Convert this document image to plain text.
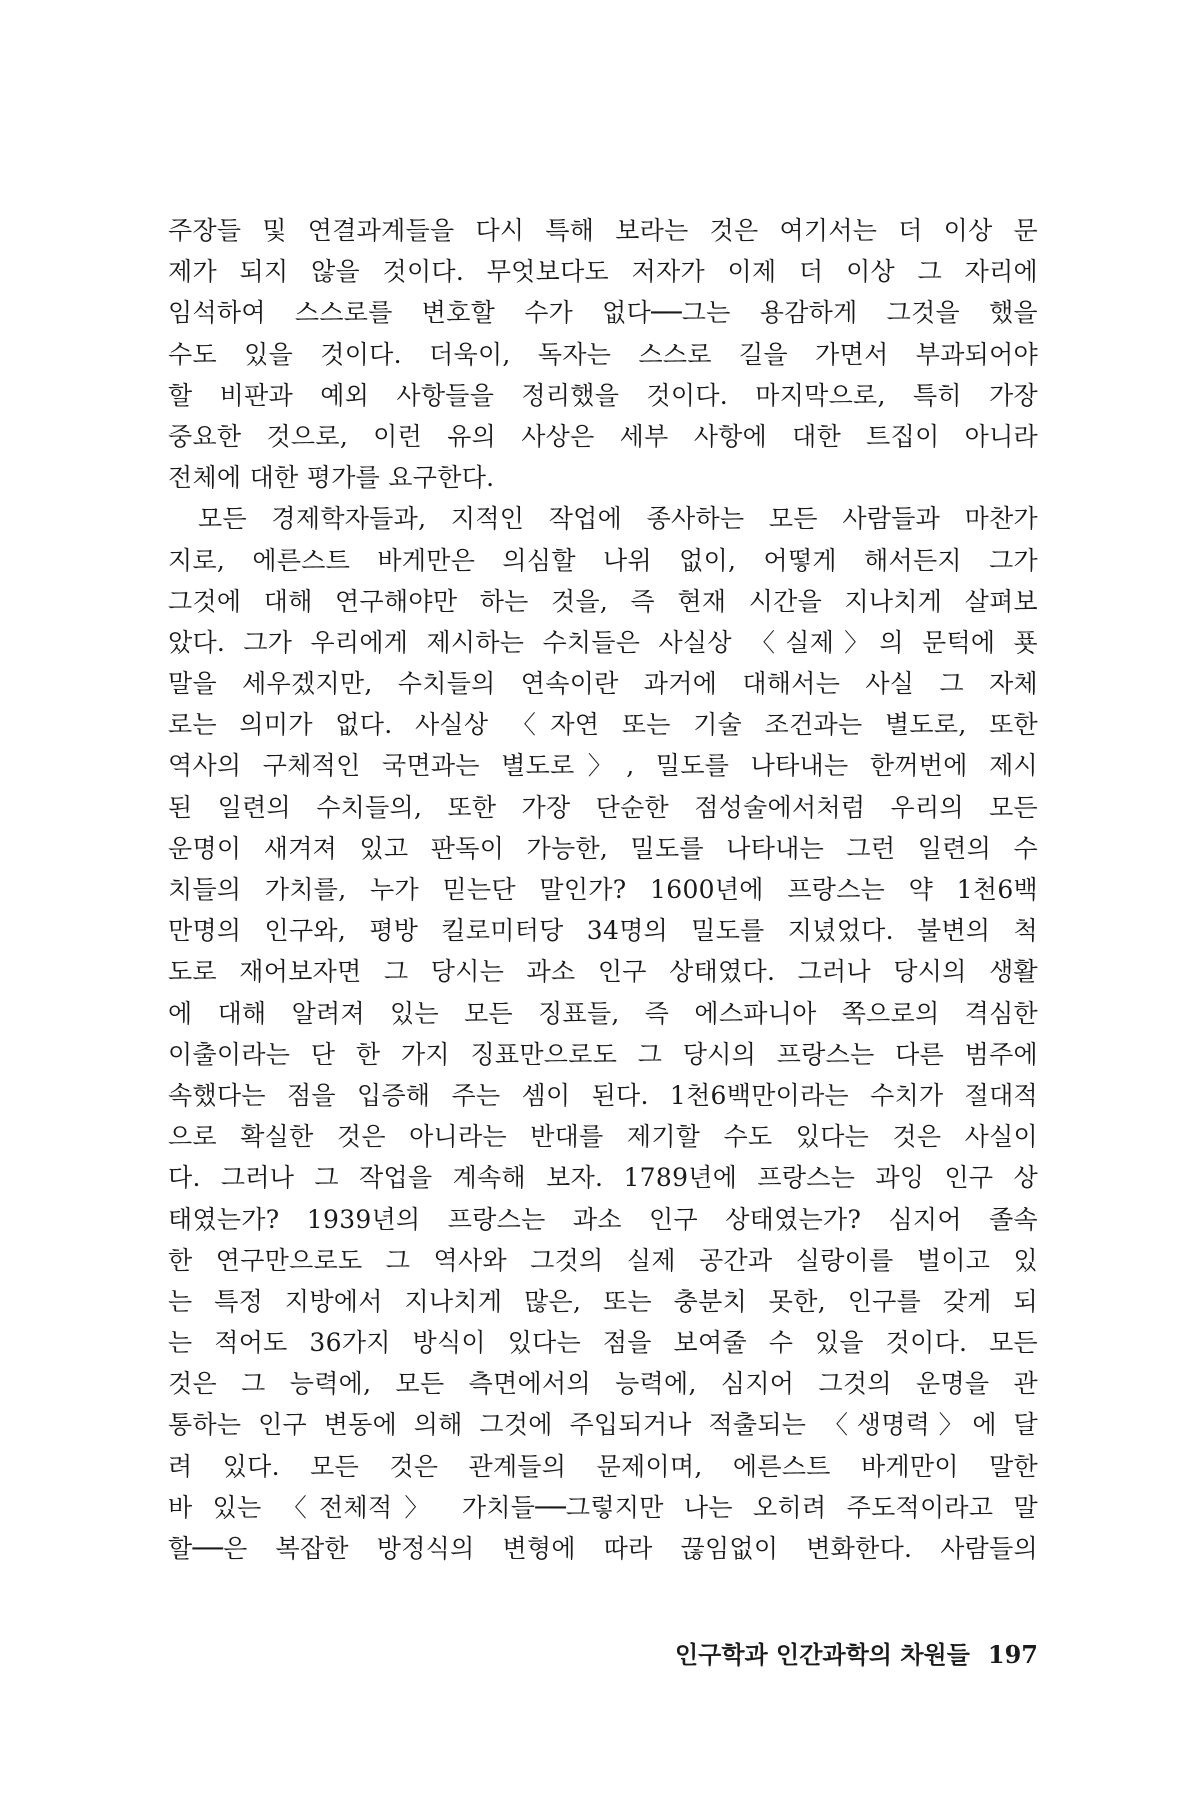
주장들 및 연결과계들을 다시 특해 보라는 것은 여기서는 더 이상 문
제가 되지 않을 것이다. 무엇보다도 저자가 이제 더 이상 그 자리에
임석하여 스스로를 변호할 수가 없다──그는 용감하게 그것을 했을
수도 있을 것이다. 더욱이, 독자는 스스로 길을 가면서 부과되어야
할 비판과 예외 사항들을 정리했을 것이다. 마지막으로, 특히 가장
중요한 것으로, 이런 유의 사상은 세부 사항에 대한 트집이 아니라
전체에 대한 평가를 요구한다.
모든 경제학자들과, 지적인 작업에 종사하는 모든 사람들과 마찬가
지로, 에른스트 바게만은 의심할 나위 없이, 어떻게 해서든지 그가
그것에 대해 연구해야만 하는 것을, 즉 현재 시간을 지나치게 살펴보
았다. 그가 우리에게 제시하는 수치들은 사실상 〈실제〉의 문턱에 푯
말을 세우겠지만, 수치들의 연속이란 과거에 대해서는 사실 그 자체
로는 의미가 없다. 사실상 〈자연 또는 기술 조건과는 별도로, 또한
역사의 구체적인 국면과는 별도로〉, 밀도를 나타내는 한꺼번에 제시
된 일련의 수치들의, 또한 가장 단순한 점성술에서처럼 우리의 모든
운명이 새겨져 있고 판독이 가능한, 밀도를 나타내는 그런 일련의 수
치들의 가치를, 누가 믿는단 말인가? 1600년에 프랑스는 약 1천6백
만명의 인구와, 평방 킬로미터당 34명의 밀도를 지녔었다. 불변의 척
도로 재어보자면 그 당시는 과소 인구 상태였다. 그러나 당시의 생활
에 대해 알려져 있는 모든 징표들, 즉 에스파니아 쪽으로의 격심한
이출이라는 단 한 가지 징표만으로도 그 당시의 프랑스는 다른 범주에
속했다는 점을 입증해 주는 셈이 된다. 1천6백만이라는 수치가 절대적
으로 확실한 것은 아니라는 반대를 제기할 수도 있다는 것은 사실이
다. 그러나 그 작업을 계속해 보자. 1789년에 프랑스는 과잉 인구 상
태였는가? 1939년의 프랑스는 과소 인구 상태였는가? 심지어 졸속
한 연구만으로도 그 역사와 그것의 실제 공간과 실랑이를 벌이고 있
는 특정 지방에서 지나치게 많은, 또는 충분치 못한, 인구를 갖게 되
는 적어도 36가지 방식이 있다는 점을 보여줄 수 있을 것이다. 모든
것은 그 능력에, 모든 측면에서의 능력에, 심지어 그것의 운명을 관
통하는 인구 변동에 의해 그것에 주입되거나 적출되는 〈생명력〉에 달
려 있다. 모든 것은 관계들의 문제이며, 에른스트 바게만이 말한
바 있는 〈전체적〉 가치들──그렇지만 나는 오히려 주도적이라고 말
할──은 복잡한 방정식의 변형에 따라 끊임없이 변화한다. 사람들의
인구학과 인간과학의 차원들 197
